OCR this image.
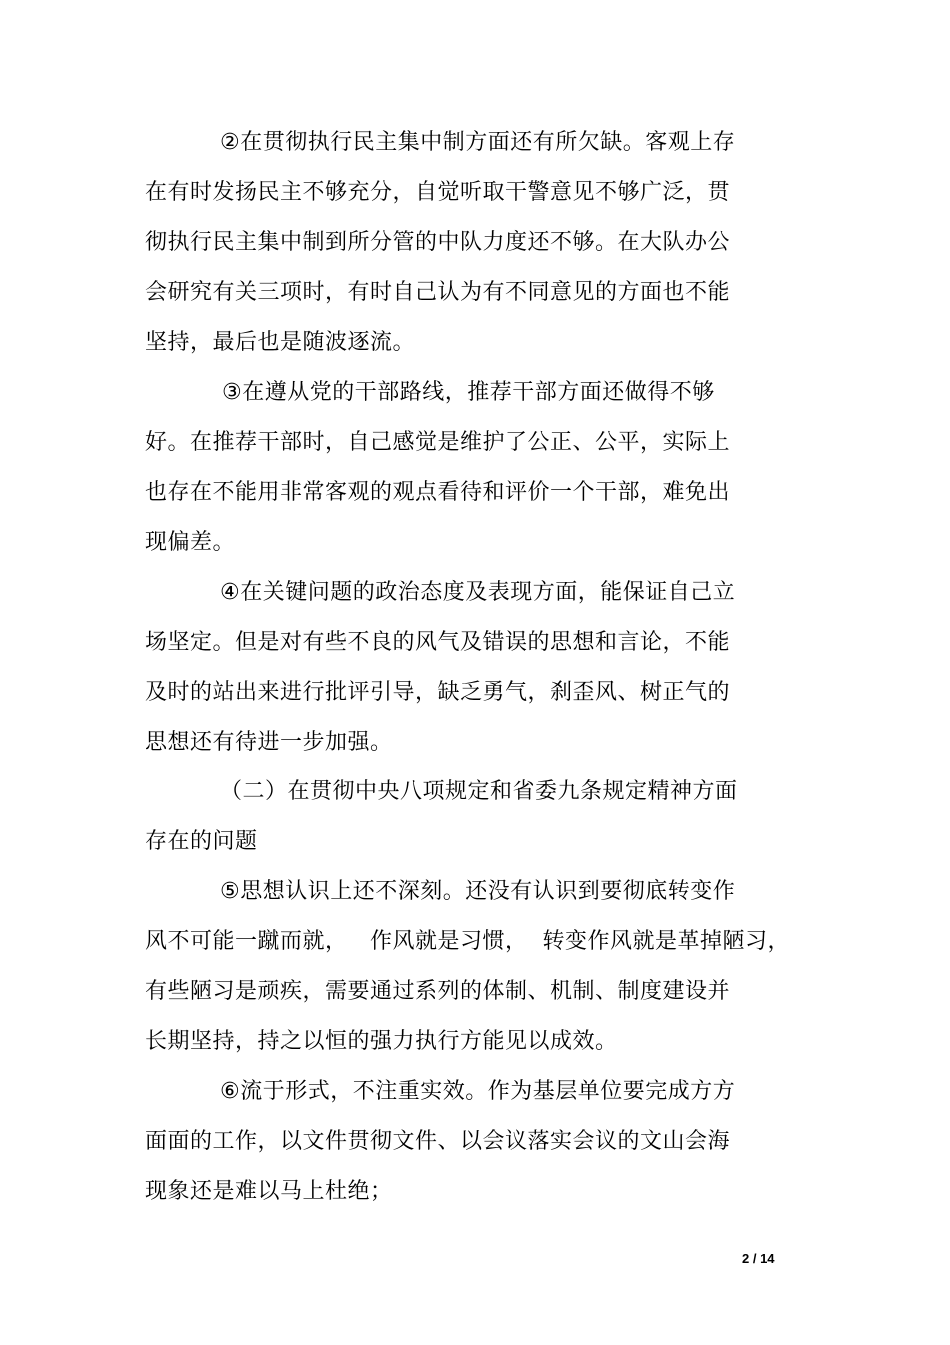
②在贯彻执行民主集中制方面还有所欠缺。客观上存
在有时发扬民主不够充分，自觉听取干警意见不够广泛，贯
彻执行民主集中制到所分管的中队力度还不够。在大队办公
会研究有关三项时，有时自己认为有不同意见的方面也不能
坚持，最后也是随波逐流。
③在遵从党的干部路线，推荐干部方面还做得不够
好。在推荐干部时，自己感觉是维护了公正、公平，实际上
也存在不能用非常客观的观点看待和评价一个干部，难免出
现偏差。
④在关键问题的政治态度及表现方面，能保证自己立
场坚定。但是对有些不良的风气及错误的思想和言论，不能
及时的站出来进行批评引导，缺乏勇气，刹歪风、树正气的
思想还有待进一步加强。
（二）在贯彻中央八项规定和省委九条规定精神方面
存在的问题
⑤思想认识上还不深刻。还没有认识到要彻底转变作
风不可能一蹴而就，   作风就是习惯，  转变作风就是革掉陋习，
有些陋习是顽疾，需要通过系列的体制、机制、制度建设并
长期坚持，持之以恒的强力执行方能见以成效。
⑥流于形式，不注重实效。作为基层单位要完成方方
面面的工作，以文件贯彻文件、以会议落实会议的文山会海
现象还是难以马上杜绝；
2 / 14
